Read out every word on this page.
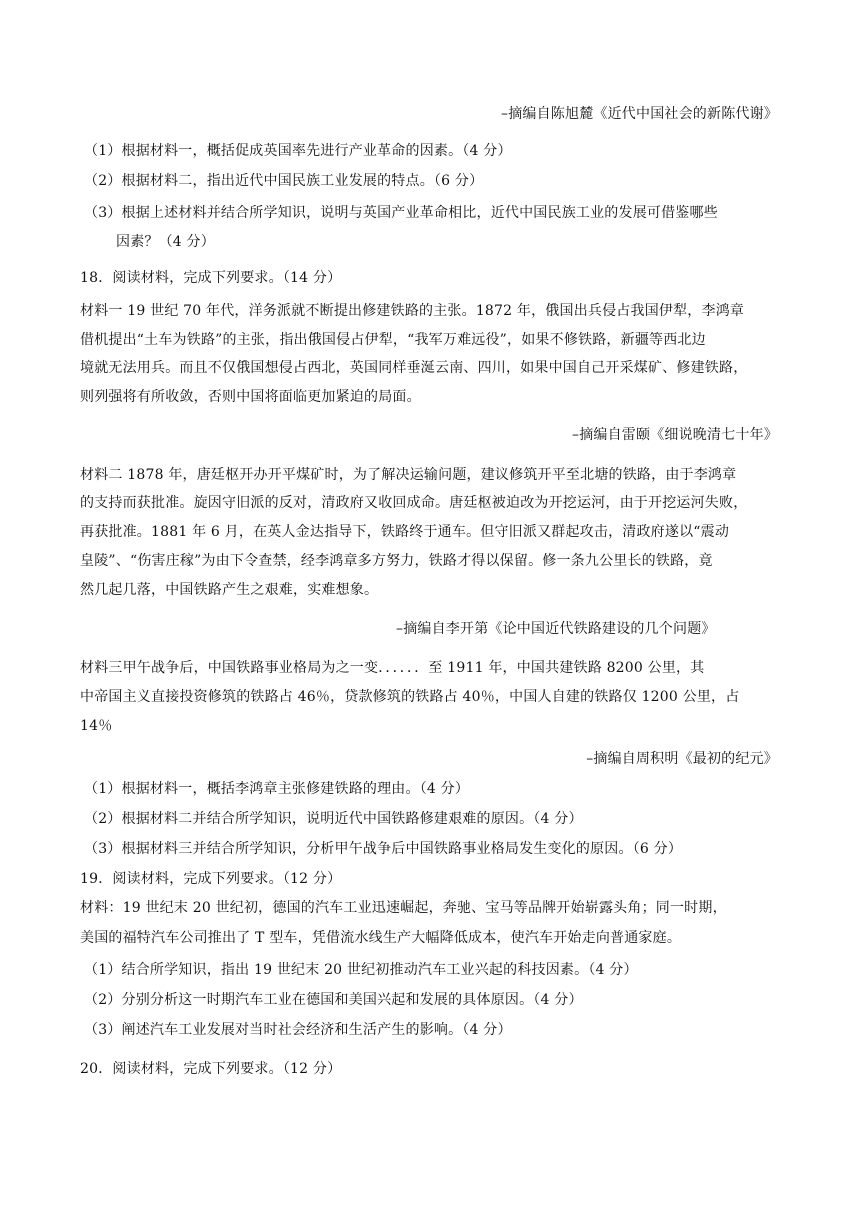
–摘编自陈旭麓《近代中国社会的新陈代谢》
（1）根据材料一，概括促成英国率先进行产业革命的因素。（4 分）
（2）根据材料二，指出近代中国民族工业发展的特点。（6 分）
（3）根据上述材料并结合所学知识，说明与英国产业革命相比，近代中国民族工业的发展可借鉴哪些
因素？（4 分）
18．阅读材料，完成下列要求。（14 分）
材料一 19 世纪 70 年代，洋务派就不断提出修建铁路的主张。1872 年，俄国出兵侵占我国伊犁，李鸿章
借机提出“土车为铁路”的主张，指出俄国侵占伊犁，“我军万难远役”，如果不修铁路，新疆等西北边
境就无法用兵。而且不仅俄国想侵占西北，英国同样垂涎云南、四川，如果中国自己开采煤矿、修建铁路，
则列强将有所收敛，否则中国将面临更加紧迫的局面。
–摘编自雷颐《细说晚清七十年》
材料二 1878 年，唐廷枢开办开平煤矿时，为了解决运输问题，建议修筑开平至北塘的铁路，由于李鸿章
的支持而获批准。旋因守旧派的反对，清政府又收回成命。唐廷枢被迫改为开挖运河，由于开挖运河失败，
再获批准。1881 年 6 月，在英人金达指导下，铁路终于通车。但守旧派又群起攻击，清政府遂以“震动
皇陵”、“伤害庄稼”为由下令查禁，经李鸿章多方努力，铁路才得以保留。修一条九公里长的铁路，竟
然几起几落，中国铁路产生之艰难，实难想象。
–摘编自李开第《论中国近代铁路建设的几个问题》
材料三甲午战争后，中国铁路事业格局为之一变．．．．．．至 1911 年，中国共建铁路 8200 公里，其
中帝国主义直接投资修筑的铁路占 46％，贷款修筑的铁路占 40％，中国人自建的铁路仅 1200 公里，占
14％
–摘编自周积明《最初的纪元》
（1）根据材料一，概括李鸿章主张修建铁路的理由。（4 分）
（2）根据材料二并结合所学知识，说明近代中国铁路修建艰难的原因。（4 分）
（3）根据材料三并结合所学知识，分析甲午战争后中国铁路事业格局发生变化的原因。（6 分）
19．阅读材料，完成下列要求。（12 分）
材料：19 世纪末 20 世纪初，德国的汽车工业迅速崛起，奔驰、宝马等品牌开始崭露头角；同一时期，
美国的福特汽车公司推出了 T 型车，凭借流水线生产大幅降低成本，使汽车开始走向普通家庭。
（1）结合所学知识，指出 19 世纪末 20 世纪初推动汽车工业兴起的科技因素。（4 分）
（2）分别分析这一时期汽车工业在德国和美国兴起和发展的具体原因。（4 分）
（3）阐述汽车工业发展对当时社会经济和生活产生的影响。（4 分）
20．阅读材料，完成下列要求。（12 分）
